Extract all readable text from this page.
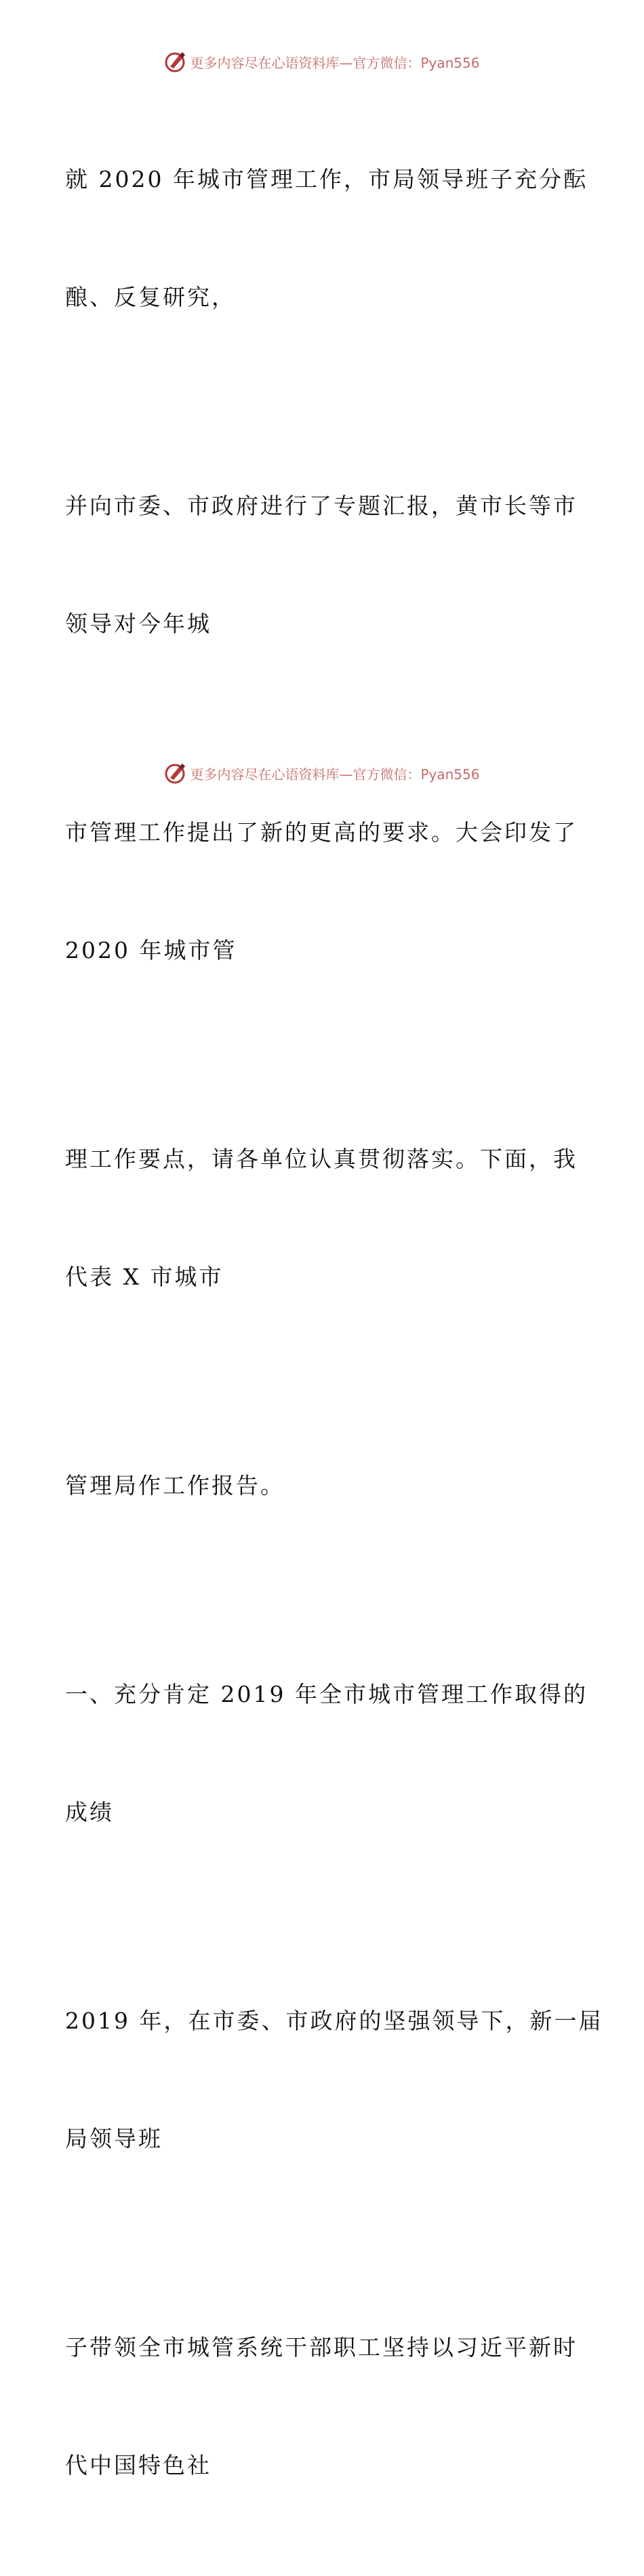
更多内容尽在心语资料库—官方微信：Pyan556

就 2020 年城市管理工作，市局领导班子充分酝

酿、反复研究，

并向市委、市政府进行了专题汇报，黄市长等市

领导对今年城

市管理工作提出了新的更高的要求。大会印发了

2020 年城市管

理工作要点，请各单位认真贯彻落实。下面，我

代表 X 市城市

管理局作工作报告。

一、充分肯定 2019 年全市城市管理工作取得的

成绩

2019 年，在市委、市政府的坚强领导下，新一届

局领导班

子带领全市城管系统干部职工坚持以习近平新时

代中国特色社

更多内容尽在心语资料库—官方微信：Pyan556
